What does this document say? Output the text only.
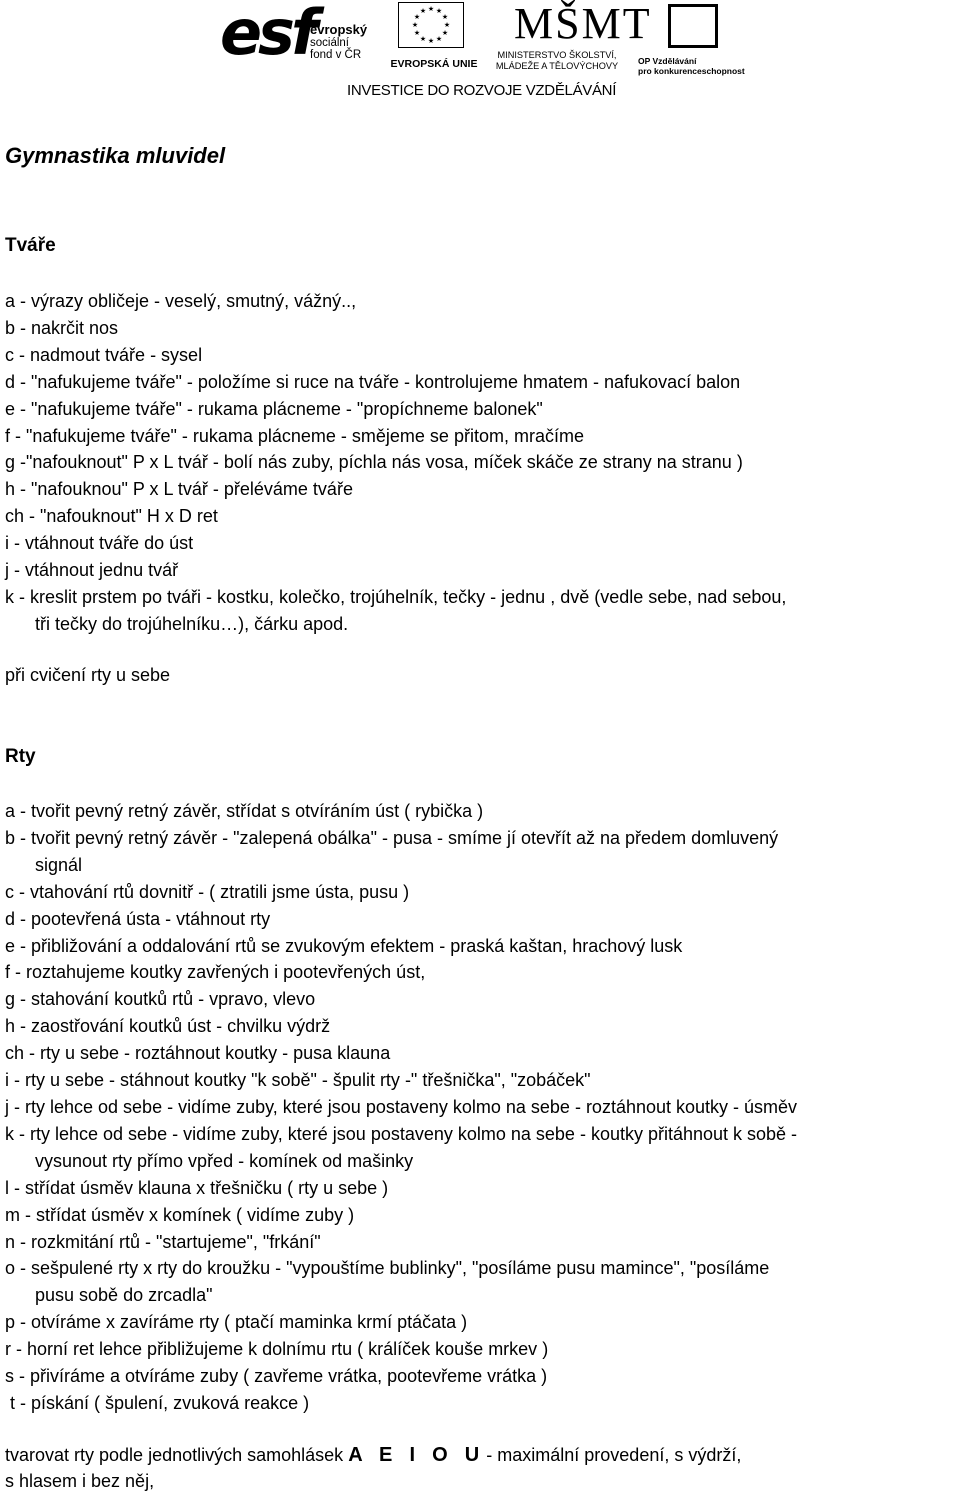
esf
evropský
sociální
fond v ČR
★ ★
★
★
★
★
★
★
★
★
★
★
EVROPSKÁ UNIE
MŠMT
MINISTERSTVO ŠKOLSTVÍ,
MLÁDEŽE A TĚLOVÝCHOVY	OP Vzdělávání
pro konkurenceschopnost
INVESTICE DO ROZVOJE VZDĚLÁVÁNÍ
Gymnastika mluvidel
Tváře

a - výrazy obličeje - veselý, smutný, vážný..,

b - nakrčit nos

c - nadmout tváře - sysel

d - "nafukujeme tváře" - položíme si ruce na tváře - kontrolujeme hmatem - nafukovací balon

e - "nafukujeme tváře" - rukama plácneme - "propíchneme balonek"

f - "nafukujeme tváře" - rukama plácneme - smějeme se přitom, mračíme

g -"nafouknout" P x L tvář - bolí nás zuby, píchla nás vosa, míček skáče ze strany na stranu )

h - "nafouknou" P x L tvář - přeléváme tváře

ch - "nafouknout" H x D ret

i - vtáhnout tváře do úst

j - vtáhnout jednu tvář

k - kreslit prstem po tváři - kostku, kolečko, trojúhelník, tečky - jednu , dvě (vedle sebe, nad sebou,

tři tečky do trojúhelníku…), čárku apod.

při cvičení rty u sebe

Rty

a - tvořit pevný retný závěr, střídat s otvíráním úst ( rybička )

b - tvořit pevný retný závěr - "zalepená obálka" - pusa - smíme jí otevřít až na předem domluvený

signál

c - vtahování rtů dovnitř - ( ztratili jsme ústa, pusu )

d - pootevřená ústa - vtáhnout rty

e - přibližování a oddalování rtů se zvukovým efektem - praská kaštan, hrachový lusk

f - roztahujeme koutky zavřených i pootevřených úst,

g - stahování koutků rtů - vpravo, vlevo

h - zaostřování koutků úst - chvilku výdrž

ch - rty u sebe - roztáhnout koutky - pusa klauna

i - rty u sebe - stáhnout koutky "k sobě" - špulit rty -" třešnička", "zobáček"

j - rty lehce od sebe - vidíme zuby, které jsou postaveny kolmo na sebe - roztáhnout koutky - úsměv

k - rty lehce od sebe - vidíme zuby, které jsou postaveny kolmo na sebe - koutky přitáhnout k sobě -

vysunout rty přímo vpřed - komínek od mašinky

l - střídat úsměv klauna x třešničku ( rty u sebe )

m - střídat úsměv x komínek ( vidíme zuby )

n - rozkmitání rtů - "startujeme", "frkání"

o - sešpulené rty x rty do kroužku - "vypouštíme bublinky", "posíláme pusu mamince", "posíláme

pusu sobě do zrcadla"

p - otvíráme x zavíráme rty ( ptačí maminka krmí ptáčata )

r - horní ret lehce přibližujeme k dolnímu rtu ( králíček kouše mrkev )

s - přivíráme a otvíráme zuby ( zavřeme vrátka, pootevřeme vrátka )

t - pískání ( špulení, zvuková reakce )

tvarovat rty podle jednotlivých samohlásek A  E  I  O  U - maximální provedení, s výdrží,

s hlasem i bez něj,
